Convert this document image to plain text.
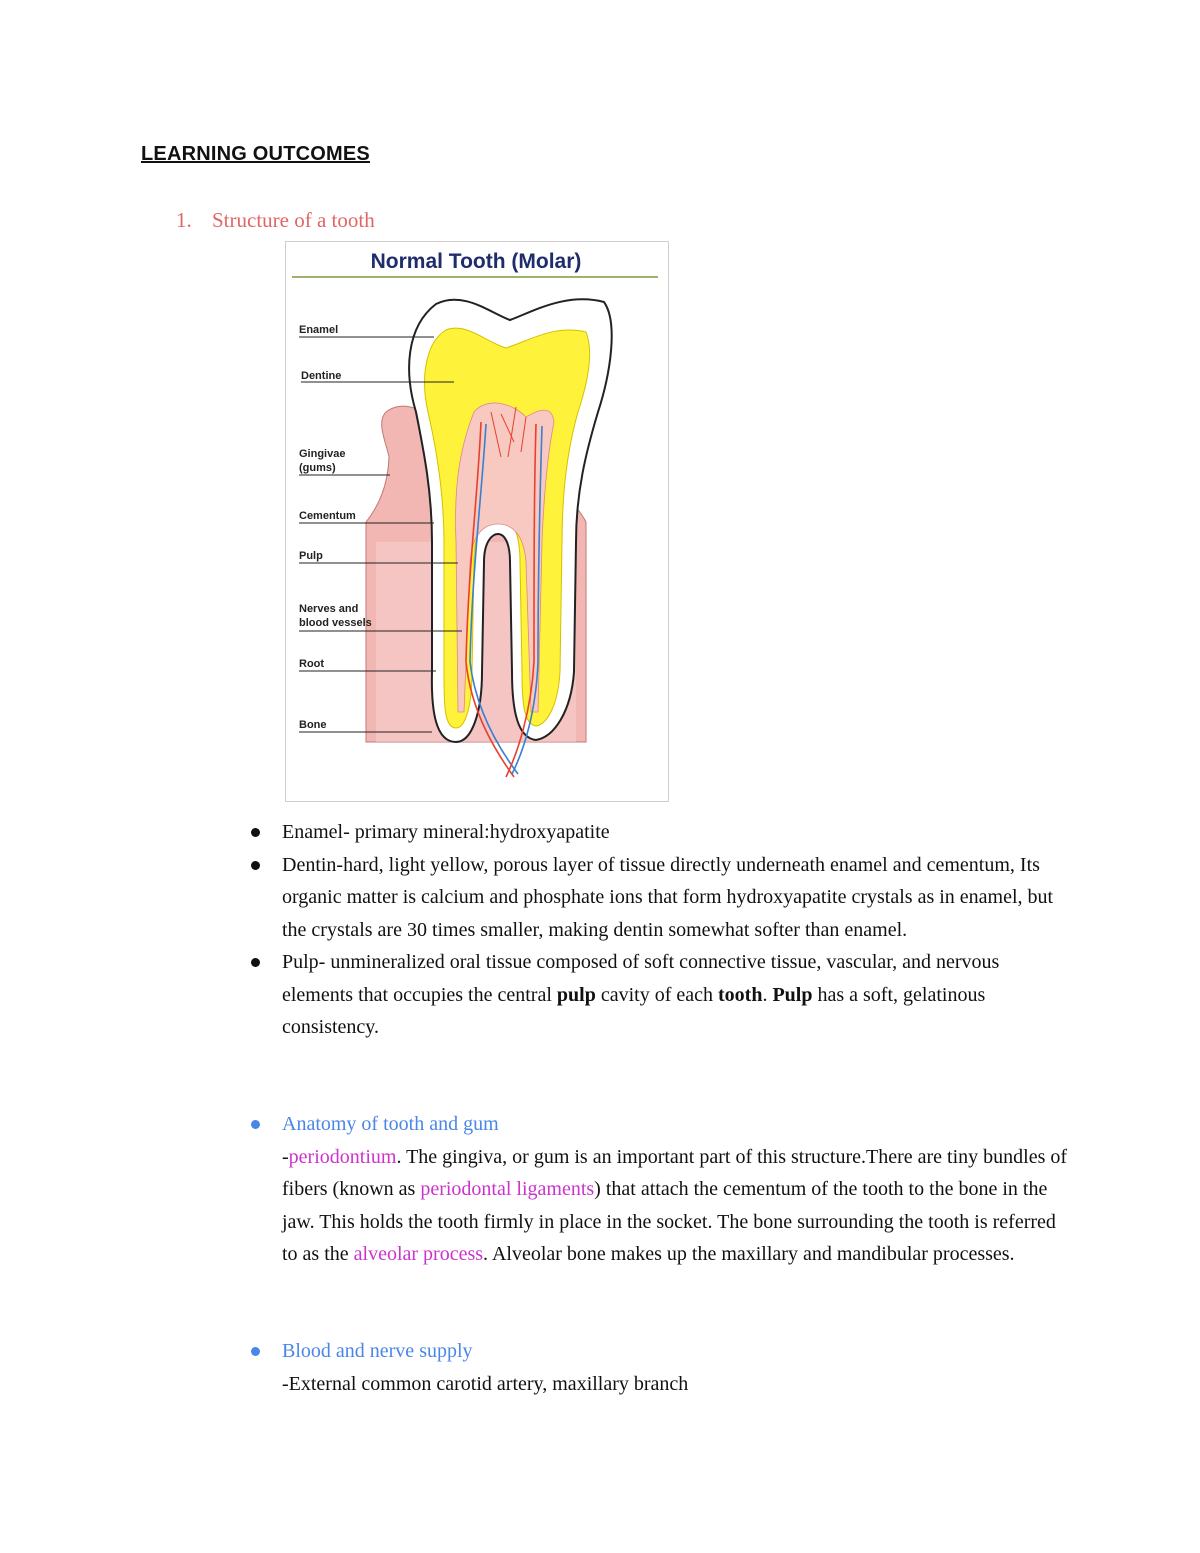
LEARNING OUTCOMES
1. Structure of a tooth
Normal Tooth (Molar)
Enamel
Dentine
Gingivae
(gums)
Cementum
Pulp
Nerves and
blood vessels
Root
Bone
Enamel- primary mineral:hydroxyapatite
Dentin-hard, light yellow, porous layer of tissue directly underneath enamel and cementum, Its organic matter is calcium and phosphate ions that form hydroxyapatite crystals as in enamel, but the crystals are 30 times smaller, making dentin somewhat softer than enamel.
Pulp- unmineralized oral tissue composed of soft connective tissue, vascular, and nervous elements that occupies the central pulp cavity of each tooth. Pulp has a soft, gelatinous consistency.
Anatomy of tooth and gum
-periodontium. The gingiva, or gum is an important part of this structure.There are tiny bundles of fibers (known as periodontal ligaments) that attach the cementum of the tooth to the bone in the jaw. This holds the tooth firmly in place in the socket. The bone surrounding the tooth is referred to as the alveolar process. Alveolar bone makes up the maxillary and mandibular processes.
Blood and nerve supply
-External common carotid artery, maxillary branch
